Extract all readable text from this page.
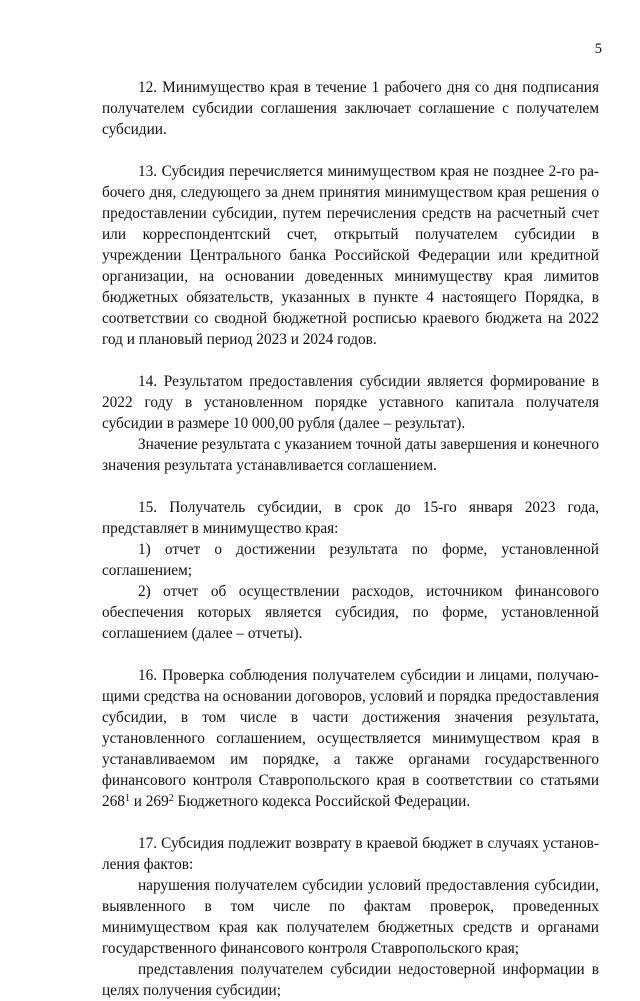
5

12. Минимущество края в течение 1 рабочего дня со дня подписания получателем субсидии соглашения заключает соглашение с получателем субсидии.

13. Субсидия перечисляется минимуществом края не позднее 2-го рабочего дня, следующего за днем принятия минимуществом края решения о предоставлении субсидии, путем перечисления средств на расчетный счет или корреспондентский счет, открытый получателем субсидии в учреждении Центрального банка Российской Федерации или кредитной организации, на основании доведенных минимуществу края лимитов бюджетных обязательств, указанных в пункте 4 настоящего Порядка, в соответствии со сводной бюджетной росписью краевого бюджета на 2022 год и плановый период 2023 и 2024 годов.

14. Результатом предоставления субсидии является формирование в 2022 году в установленном порядке уставного капитала получателя субсидии в размере 10 000,00 рубля (далее – результат).

Значение результата с указанием точной даты завершения и конечного значения результата устанавливается соглашением.

15. Получатель субсидии, в срок до 15-го января 2023 года, представляет в минимущество края:

1) отчет о достижении результата по форме, установленной соглашением;

2) отчет об осуществлении расходов, источником финансового обеспечения которых является субсидия, по форме, установленной соглашением (далее – отчеты).

16. Проверка соблюдения получателем субсидии и лицами, получающими средства на основании договоров, условий и порядка предоставления субсидии, в том числе в части достижения значения результата, установленного соглашением, осуществляется минимуществом края в устанавливаемом им порядке, а также органами государственного финансового контроля Ставропольского края в соответствии со статьями $268^1$ и $269^2$ Бюджетного кодекса Российской Федерации.

17. Субсидия подлежит возврату в краевой бюджет в случаях установления фактов:

нарушения получателем субсидии условий предоставления субсидии, выявленного в том числе по фактам проверок, проведенных минимуществом края как получателем бюджетных средств и органами государственного финансового контроля Ставропольского края;

представления получателем субсидии недостоверной информации в целях получения субсидии;
